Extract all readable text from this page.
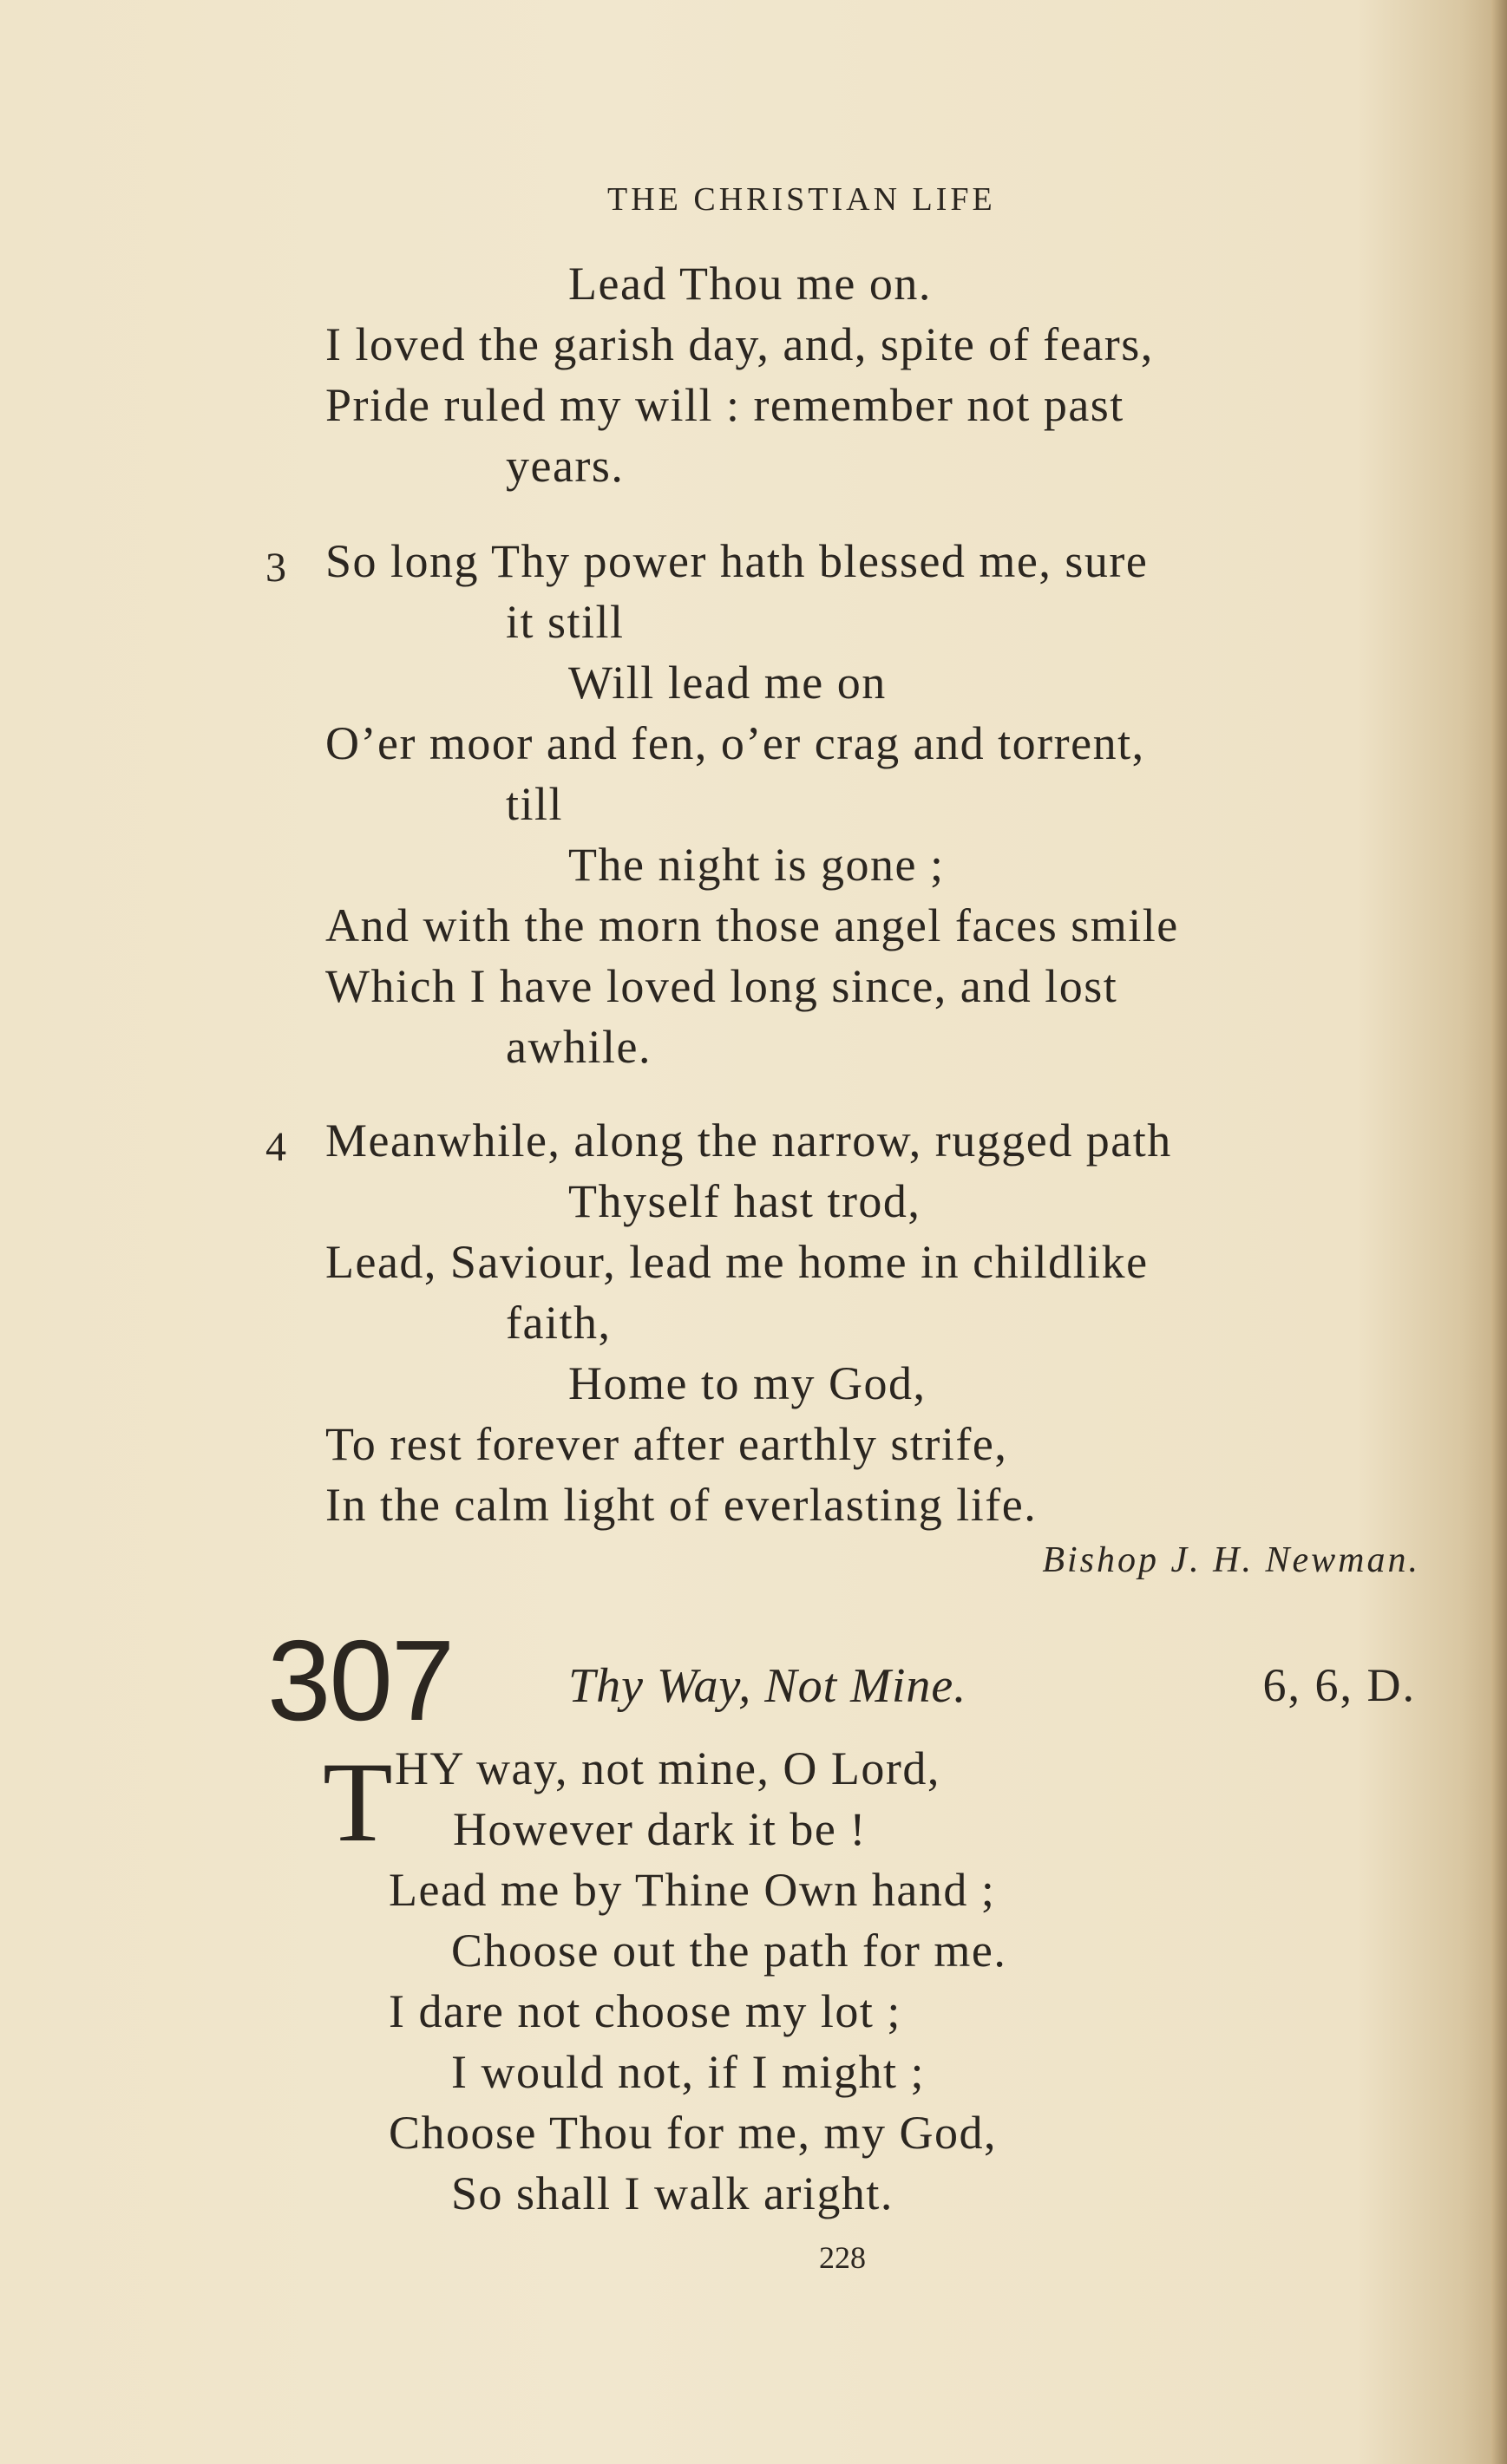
THE CHRISTIAN LIFE
Lead Thou me on.
I loved the garish day, and, spite of fears,
Pride ruled my will : remember not past
years.
3 So long Thy power hath blessed me, sure
it still
Will lead me on
O’er moor and fen, o’er crag and torrent,
till
The night is gone ;
And with the morn those angel faces smile
Which I have loved long since, and lost
awhile.
4 Meanwhile, along the narrow, rugged path
Thyself hast trod,
Lead, Saviour, lead me home in childlike
faith,
Home to my God,
To rest forever after earthly strife,
In the calm light of everlasting life.
Bishop J. H. Newman.
307 Thy Way, Not Mine.	6, 6, D.
T HY way, not mine, O Lord,
However dark it be !
Lead me by Thine Own hand ;
Choose out the path for me.
I dare not choose my lot ;
I would not, if I might ;
Choose Thou for me, my God,
So shall I walk aright.
228
